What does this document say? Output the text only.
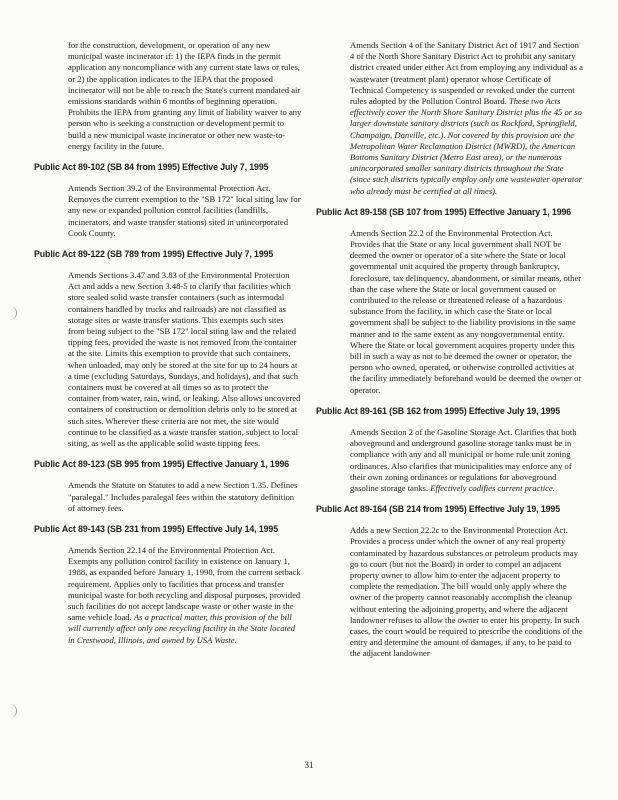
for the construction, development, or operation of any new municipal waste incinerator if: 1) the IEPA finds in the permit application any noncompliance with any current state laws or rules, or 2) the application indicates to the IEPA that the proposed incinerator will not be able to reach the State's current mandated air emissions standards within 6 months of beginning operation. Prohibits the IEPA from granting any limit of liability waiver to any person who is seeking a construction or development permit to build a new municipal waste incinerator or other new waste-to-energy facility in the future.

Public Act 89-102 (SB 84 from 1995) Effective July 7, 1995

Amends Section 39.2 of the Environmental Protection Act. Removes the current exemption to the "SB 172" local siting law for any new or expanded pollution control facilities (landfills, incinerators, and waste transfer stations) sited in unincorporated Cook County.

Public Act 89-122 (SB 789 from 1995) Effective July 7, 1995

Amends Sections 3.47 and 3.83 of the Environmental Protection Act and adds a new Section 3.48-5 to clarify that facilities which store sealed solid waste transfer containers (such as intermodal containers handled by trucks and railroads) are not classified as storage sites or waste transfer stations. This exempts such sites from being subject to the "SB 172" local siting law and the related tipping fees, provided the waste is not removed from the container at the site. Limits this exemption to provide that such containers, when unloaded, may only be stored at the site for up to 24 hours at a time (excluding Saturdays, Sundays, and holidays), and that such containers must be covered at all times so as to protect the container from water, rain, wind, or leaking. Also allows uncovered containers of construction or demolition debris only to be stored at such sites. Wherever these criteria are not met, the site would continue to be classified as a waste transfer station, subject to local siting, as well as the applicable solid waste tipping fees.

Public Act 89-123 (SB 995 from 1995) Effective January 1, 1996

Amends the Statute on Statutes to add a new Section 1.35. Defines "paralegal." Includes paralegal fees within the statutory definition of attorney fees.

Public Act 89-143 (SB 231 from 1995) Effective July 14, 1995

Amends Section 22.14 of the Environmental Protection Act. Exempts any pollution control facility in existence on January 1, 1988, as expanded before January 1, 1990, from the current setback requirement. Applies only to facilities that process and transfer municipal waste for both recycling and disposal purposes, provided such facilities do not accept landscape waste or other waste in the same vehicle load. As a practical matter, this provision of the bill will currently affect only one recycling facility in the State located in Crestwood, Illinois, and owned by USA Waste.

Amends Section 4 of the Sanitary District Act of 1917 and Section 4 of the North Shore Sanitary District Act to prohibit any sanitary district created under either Act from employing any individual as a wastewater (treatment plant) operator whose Certificate of Technical Competency is suspended or revoked under the current rules adopted by the Pollution Control Board. These two Acts effectively cover the North Shore Sanitary District plus the 45 or so larger downstate sanitary districts (such as Rockford, Springfield, Champaign, Danville, etc.). Not covered by this provision are the Metropolitan Water Reclamation District (MWRD), the American Bottoms Sanitary District (Metro East area), or the numerous unincorporated smaller sanitary districts throughout the State (since such districts typically employ only one wastewater operator who already must be certified at all times).

Public Act 89-158 (SB 107 from 1995) Effective January 1, 1996

Amends Section 22.2 of the Environmental Protection Act. Provides that the State or any local government shall NOT be deemed the owner or operator of a site where the State or local governmental unit acquired the property through bankruptcy, foreclosure, tax delinquency, abandonment, or similar means, other than the case where the State or local government caused or contributed to the release or threatened release of a hazardous substance from the facility, in which case the State or local government shall be subject to the liability provisions in the same manner and to the same extent as any nongovernmental entity. Where the State or local government acquires property under this bill in such a way as not to be deemed the owner or operator, the person who owned, operated, or otherwise controlled activities at the facility immediately beforehand would be deemed the owner or operator.

Public Act 89-161 (SB 162 from 1995) Effective July 19, 1995

Amends Section 2 of the Gasoline Storage Act. Clarifies that both aboveground and underground gasoline storage tanks must be in compliance with any and all municipal or home rule unit zoning ordinances. Also clarifies that municipalities may enforce any of their own zoning ordinances or regulations for aboveground gasoline storage tanks. Effectively codifies current practice.

Public Act 89-164 (SB 214 from 1995) Effective July 19, 1995

Adds a new Section 22.2c to the Environmental Protection Act. Provides a process under which the owner of any real property contaminated by hazardous substances or petroleum products may go to court (but not the Board) in order to compel an adjacent property owner to allow him to enter the adjacent property to complete the remediation. The bill would only apply where the owner of the property cannot reasonably accomplish the cleanup without entering the adjoining property, and where the adjacent landowner refuses to allow the owner to enter his property. In such cases, the court would be required to prescribe the conditions of the entry and determine the amount of damages, if any, to be paid to the adjacent landowner

31
